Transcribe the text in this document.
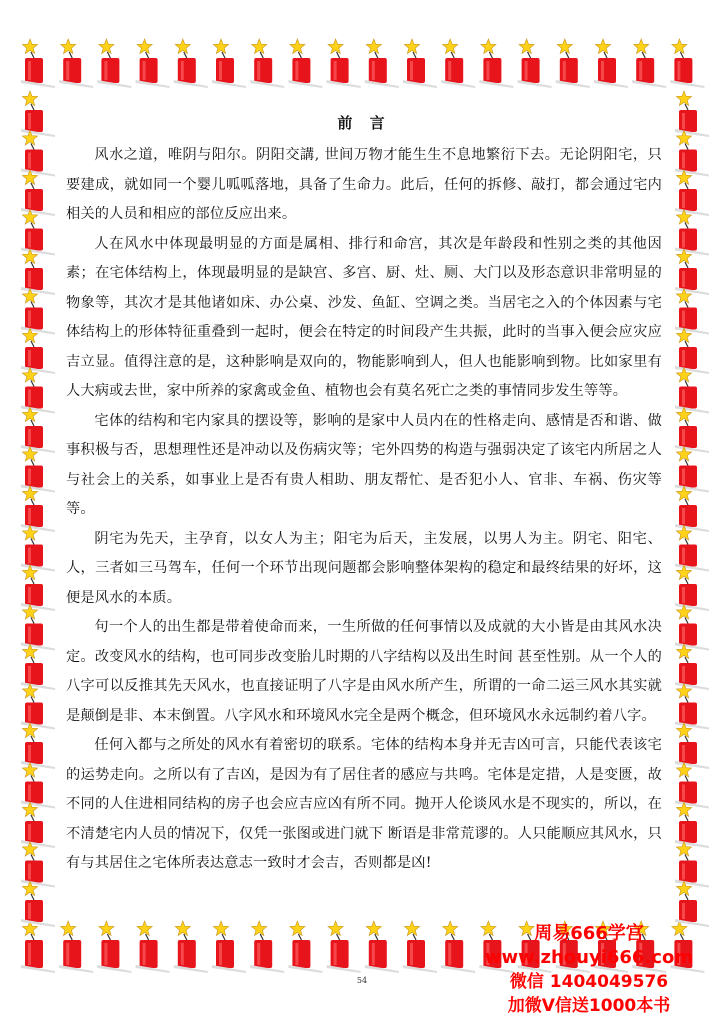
前 言

风水之道，唯阴与阳尔。阴阳交講, 世间万物才能生生不息地繁衍下去。无论阴阳宅，只要建成，就如同一个婴儿呱呱落地，具备了生命力。此后，任何的拆修、敲打，都会通过宅内相关的人员和相应的部位反应出来。

人在风水中体现最明显的方面是属相、排行和命宫，其次是年龄段和性别之类的其他因素；在宅体结构上，体现最明显的是缺宫、多宫、厨、灶、厕、大门以及形态意识非常明显的物象等，其次才是其他诸如床、办公桌、沙发、鱼缸、空调之类。当居宅之入的个体因素与宅体结构上的形体特征重叠到一起时，便会在特定的时间段产生共振，此时的当事入便会应灾应吉立显。值得注意的是，这种影响是双向的，物能影响到人，但人也能影响到物。比如家里有人大病或去世，家中所养的家禽或金鱼、植物也会有莫名死亡之类的事情同步发生等等。

宅体的结构和宅内家具的摆设等，影响的是家中人员内在的性格走向、感情是否和谐、做事积极与否，思想理性还是冲动以及伤病灾等；宅外四势的构造与强弱决定了该宅内所居之人与社会上的关系，如事业上是否有贵人相助、朋友帮忙、是否犯小人、官非、车祸、伤灾等等。

阴宅为先天，主孕育，以女人为主；阳宅为后天，主发展，以男人为主。阴宅、阳宅、人，三者如三马驾车，任何一个环节出现问题都会影响整体架构的稳定和最终结果的好坏，这便是风水的本质。

句一个人的出生都是带着使命而来，一生所做的任何事情以及成就的大小皆是由其风水决定。改变风水的结构，也可同步改变胎儿时期的八字结构以及出生时间 甚至性别。从一个人的八字可以反推其先天风水，也直接证明了八字是由风水所产生，所谓的一命二运三风水其实就是颠倒是非、本末倒置。八字风水和环境风水完全是两个概念，但环境风水永远制约着八字。

任何入都与之所处的风水有着密切的联系。宅体的结构本身并无吉凶可言，只能代表该宅的运势走向。之所以有了吉凶，是因为有了居住者的感应与共鸣。宅体是定措，人是变匮，故不同的人住进相同结构的房子也会应吉应凶有所不同。抛开人伦谈风水是不现实的，所以，在不清楚宅内人员的情况下，仅凭一张图或进门就下 断语是非常荒谬的。人只能顺应其风水，只有与其居住之宅体所表达意志一致时才会吉，否则都是凶!

54
周易666学宫
www.zhouyi666.com
微信 1404049576
加微V信送1000本书
